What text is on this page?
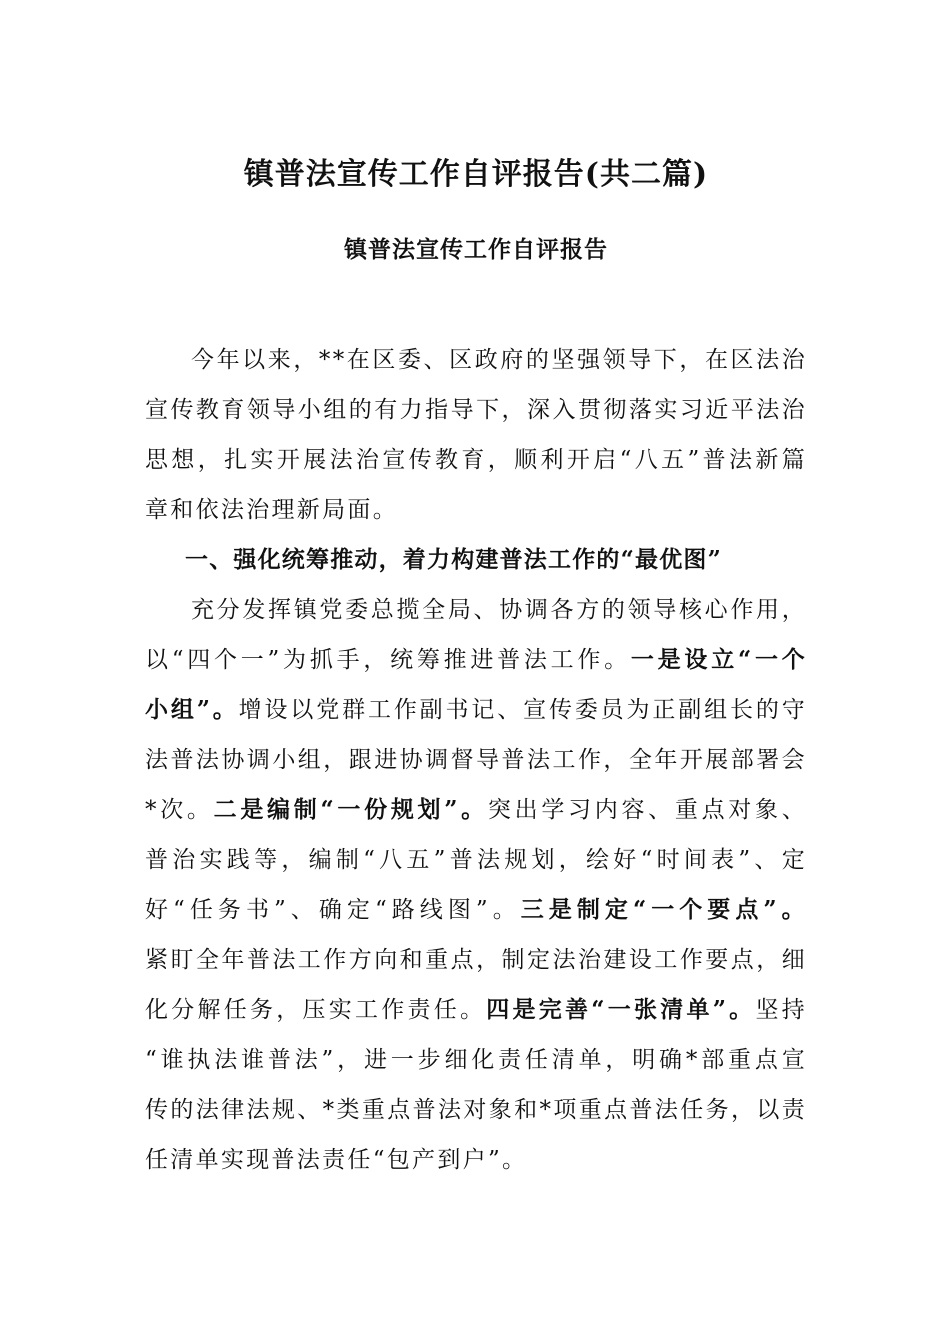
镇普法宣传工作自评报告(共二篇)
镇普法宣传工作自评报告
今年以来，**在区委、区政府的坚强领导下，在区法治
宣传教育领导小组的有力指导下，深入贯彻落实习近平法治
思想，扎实开展法治宣传教育，顺利开启“八五”普法新篇
章和依法治理新局面。
一、强化统筹推动，着力构建普法工作的“最优图”
充分发挥镇党委总揽全局、协调各方的领导核心作用，
以“四个一”为抓手，统筹推进普法工作。一是设立“一个
小组”。增设以党群工作副书记、宣传委员为正副组长的守
法普法协调小组，跟进协调督导普法工作，全年开展部署会
*次。二是编制“一份规划”。突出学习内容、重点对象、
普治实践等，编制“八五”普法规划，绘好“时间表”、定
好“任务书”、确定“路线图”。三是制定“一个要点”。
紧盯全年普法工作方向和重点，制定法治建设工作要点，细
化分解任务，压实工作责任。四是完善“一张清单”。坚持
“谁执法谁普法”，进一步细化责任清单，明确*部重点宣
传的法律法规、*类重点普法对象和*项重点普法任务，以责
任清单实现普法责任“包产到户”。
